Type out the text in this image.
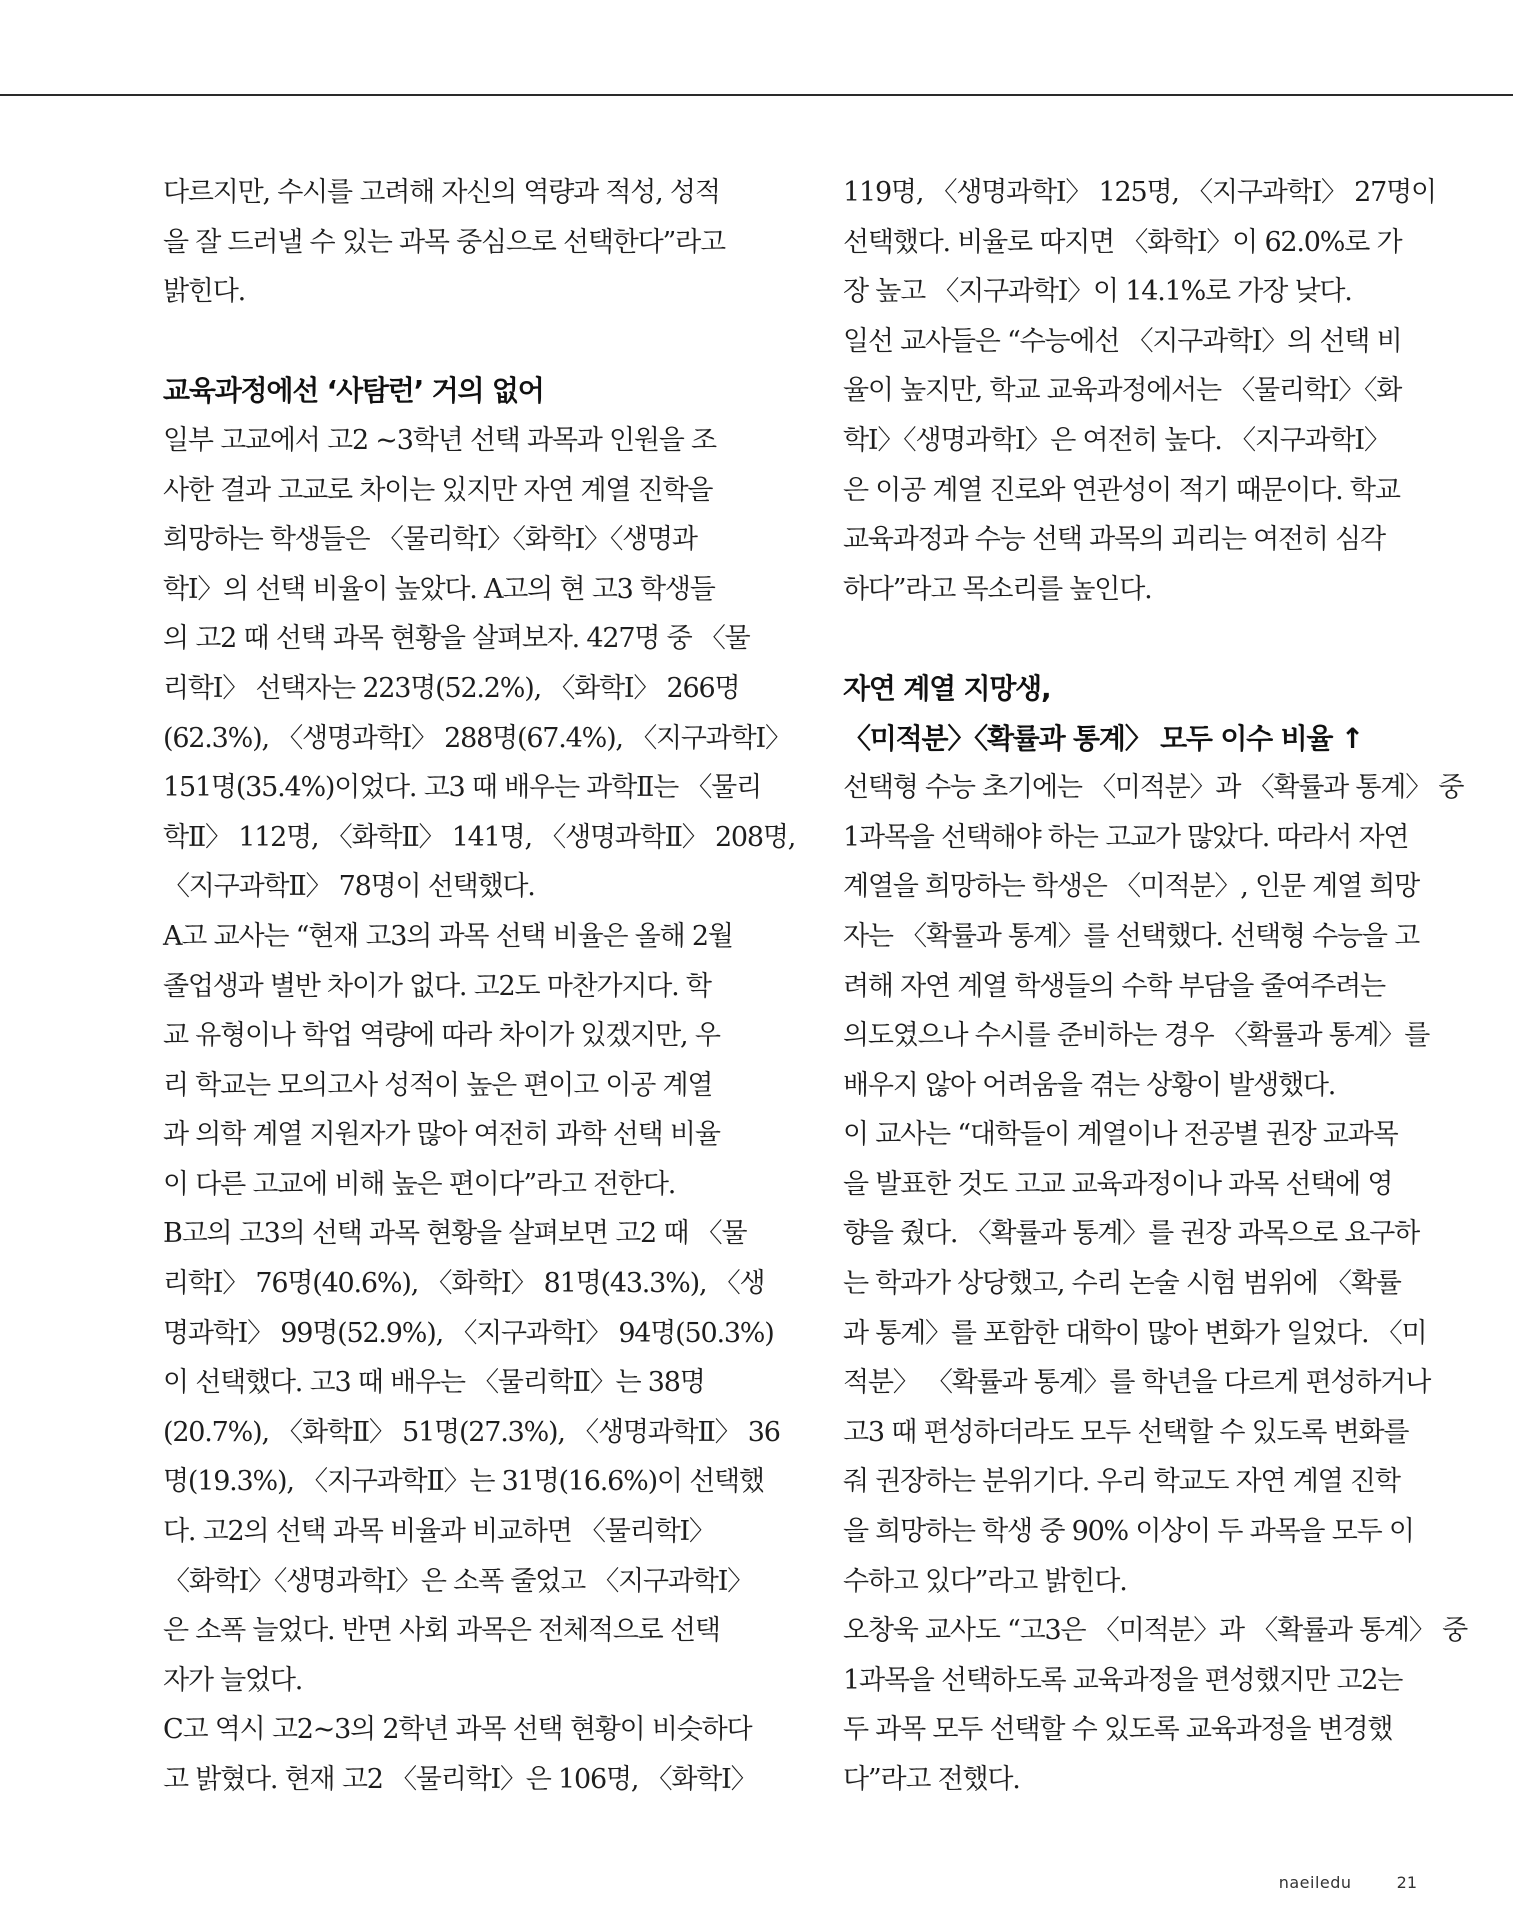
다르지만, 수시를 고려해 자신의 역량과 적성, 성적

을 잘 드러낼 수 있는 과목 중심으로 선택한다”라고

밝힌다.

교육과정에선 ‘사탐런’ 거의 없어

일부 고교에서 고2 ~3학년 선택 과목과 인원을 조

사한 결과 고교로 차이는 있지만 자연 계열 진학을

희망하는 학생들은 〈물리학Ⅰ〉〈화학Ⅰ〉〈생명과

학Ⅰ〉의 선택 비율이 높았다. A고의 현 고3 학생들

의 고2 때 선택 과목 현황을 살펴보자. 427명 중 〈물

리학Ⅰ〉 선택자는 223명(52.2%), 〈화학Ⅰ〉 266명

(62.3%), 〈생명과학Ⅰ〉 288명(67.4%), 〈지구과학Ⅰ〉

151명(35.4%)이었다. 고3 때 배우는 과학Ⅱ는 〈물리

학Ⅱ〉 112명, 〈화학Ⅱ〉 141명, 〈생명과학Ⅱ〉 208명,

〈지구과학Ⅱ〉 78명이 선택했다.

A고 교사는 “현재 고3의 과목 선택 비율은 올해 2월

졸업생과 별반 차이가 없다. 고2도 마찬가지다. 학

교 유형이나 학업 역량에 따라 차이가 있겠지만, 우

리 학교는 모의고사 성적이 높은 편이고 이공 계열

과 의학 계열 지원자가 많아 여전히 과학 선택 비율

이 다른 고교에 비해 높은 편이다”라고 전한다.

B고의 고3의 선택 과목 현황을 살펴보면 고2 때 〈물

리학Ⅰ〉 76명(40.6%), 〈화학Ⅰ〉 81명(43.3%), 〈생

명과학Ⅰ〉 99명(52.9%), 〈지구과학Ⅰ〉 94명(50.3%)

이 선택했다. 고3 때 배우는 〈물리학Ⅱ〉는 38명

(20.7%), 〈화학Ⅱ〉 51명(27.3%), 〈생명과학Ⅱ〉 36

명(19.3%), 〈지구과학Ⅱ〉는 31명(16.6%)이 선택했

다. 고2의 선택 과목 비율과 비교하면 〈물리학Ⅰ〉

〈화학Ⅰ〉〈생명과학Ⅰ〉은 소폭 줄었고 〈지구과학Ⅰ〉

은 소폭 늘었다. 반면 사회 과목은 전체적으로 선택

자가 늘었다.

C고 역시 고2~3의 2학년 과목 선택 현황이 비슷하다

고 밝혔다. 현재 고2 〈물리학Ⅰ〉은 106명, 〈화학Ⅰ〉

119명, 〈생명과학Ⅰ〉 125명, 〈지구과학Ⅰ〉 27명이

선택했다. 비율로 따지면 〈화학Ⅰ〉이 62.0%로 가

장 높고 〈지구과학Ⅰ〉이 14.1%로 가장 낮다.

일선 교사들은 “수능에선 〈지구과학Ⅰ〉의 선택 비

율이 높지만, 학교 교육과정에서는 〈물리학Ⅰ〉〈화

학Ⅰ〉〈생명과학Ⅰ〉은 여전히 높다. 〈지구과학Ⅰ〉

은 이공 계열 진로와 연관성이 적기 때문이다. 학교

교육과정과 수능 선택 과목의 괴리는 여전히 심각

하다”라고 목소리를 높인다.

자연 계열 지망생,
〈미적분〉〈확률과 통계〉 모두 이수 비율 ↑

선택형 수능 초기에는 〈미적분〉과 〈확률과 통계〉 중

1과목을 선택해야 하는 고교가 많았다. 따라서 자연

계열을 희망하는 학생은 〈미적분〉, 인문 계열 희망

자는 〈확률과 통계〉를 선택했다. 선택형 수능을 고

려해 자연 계열 학생들의 수학 부담을 줄여주려는

의도였으나 수시를 준비하는 경우 〈확률과 통계〉를

배우지 않아 어려움을 겪는 상황이 발생했다.

이 교사는 “대학들이 계열이나 전공별 권장 교과목

을 발표한 것도 고교 교육과정이나 과목 선택에 영

향을 줬다. 〈확률과 통계〉를 권장 과목으로 요구하

는 학과가 상당했고, 수리 논술 시험 범위에 〈확률

과 통계〉를 포함한 대학이 많아 변화가 일었다. 〈미

적분〉 〈확률과 통계〉를 학년을 다르게 편성하거나

고3 때 편성하더라도 모두 선택할 수 있도록 변화를

줘 권장하는 분위기다. 우리 학교도 자연 계열 진학

을 희망하는 학생 중 90% 이상이 두 과목을 모두 이

수하고 있다”라고 밝힌다.

오창욱 교사도 “고3은 〈미적분〉과 〈확률과 통계〉 중

1과목을 선택하도록 교육과정을 편성했지만 고2는

두 과목 모두 선택할 수 있도록 교육과정을 변경했

다”라고 전했다.

naeiledu	21
